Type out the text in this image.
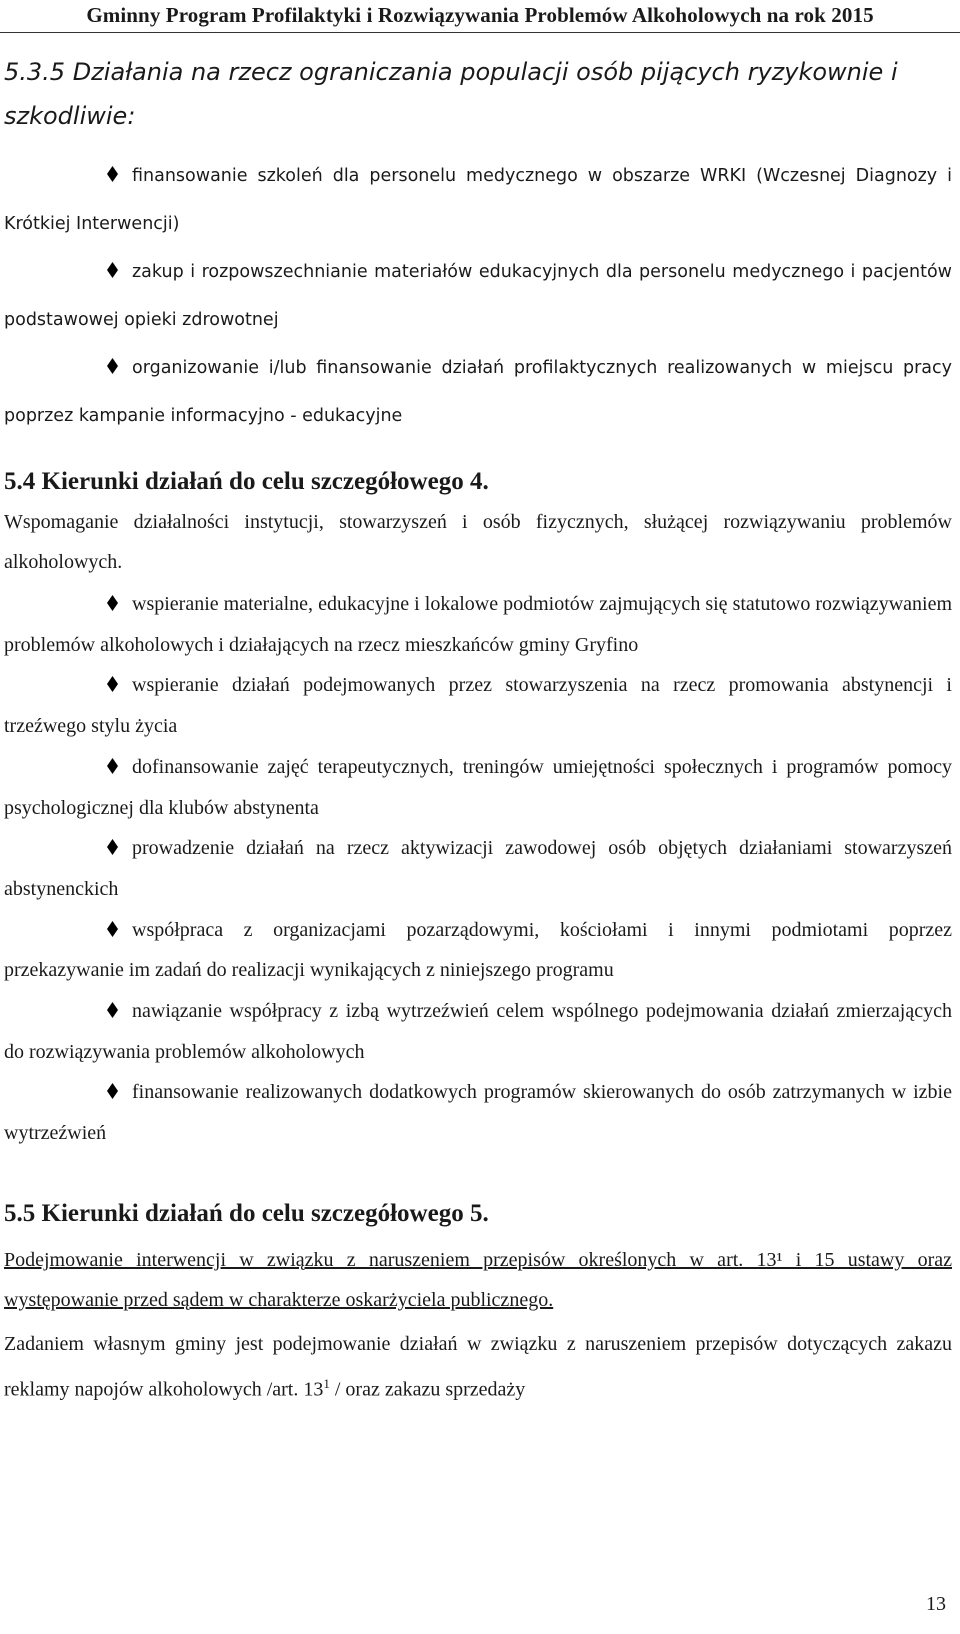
Gminny Program Profilaktyki i Rozwiązywania Problemów Alkoholowych na rok 2015
5.3.5 Działania na rzecz ograniczania populacji osób pijących ryzykownie i szkodliwie:

finansowanie szkoleń dla personelu medycznego w obszarze WRKI (Wczesnej Diagnozy i Krótkiej Interwencji)

zakup i rozpowszechnianie materiałów edukacyjnych dla personelu medycznego i pacjentów podstawowej opieki zdrowotnej

organizowanie i/lub finansowanie działań profilaktycznych realizowanych w miejscu pracy poprzez kampanie informacyjno - edukacyjne

5.4 Kierunki działań do celu szczegółowego 4.

Wspomaganie działalności instytucji, stowarzyszeń i osób fizycznych, służącej rozwiązywaniu problemów alkoholowych.

wspieranie materialne, edukacyjne i lokalowe podmiotów zajmujących się statutowo rozwiązywaniem problemów alkoholowych i działających na rzecz mieszkańców gminy Gryfino

wspieranie działań podejmowanych przez stowarzyszenia na rzecz promowania abstynencji i trzeźwego stylu życia

dofinansowanie zajęć terapeutycznych, treningów umiejętności społecznych i programów pomocy psychologicznej dla klubów abstynenta

prowadzenie działań na rzecz aktywizacji zawodowej osób objętych działaniami stowarzyszeń abstynenckich

współpraca z organizacjami pozarządowymi, kościołami i innymi podmiotami poprzez przekazywanie im zadań do realizacji wynikających z niniejszego programu

nawiązanie współpracy z izbą wytrzeźwień celem wspólnego podejmowania działań zmierzających do rozwiązywania problemów alkoholowych

finansowanie realizowanych dodatkowych programów skierowanych do osób zatrzymanych w izbie wytrzeźwień

5.5 Kierunki działań do celu szczegółowego 5.

Podejmowanie interwencji w związku z naruszeniem przepisów określonych w art. 13¹ i 15 ustawy oraz występowanie przed sądem w charakterze oskarżyciela publicznego.

Zadaniem własnym gminy jest podejmowanie działań w związku z naruszeniem przepisów dotyczących zakazu reklamy napojów alkoholowych /art. $13^1$ / oraz zakazu sprzedaży

13
